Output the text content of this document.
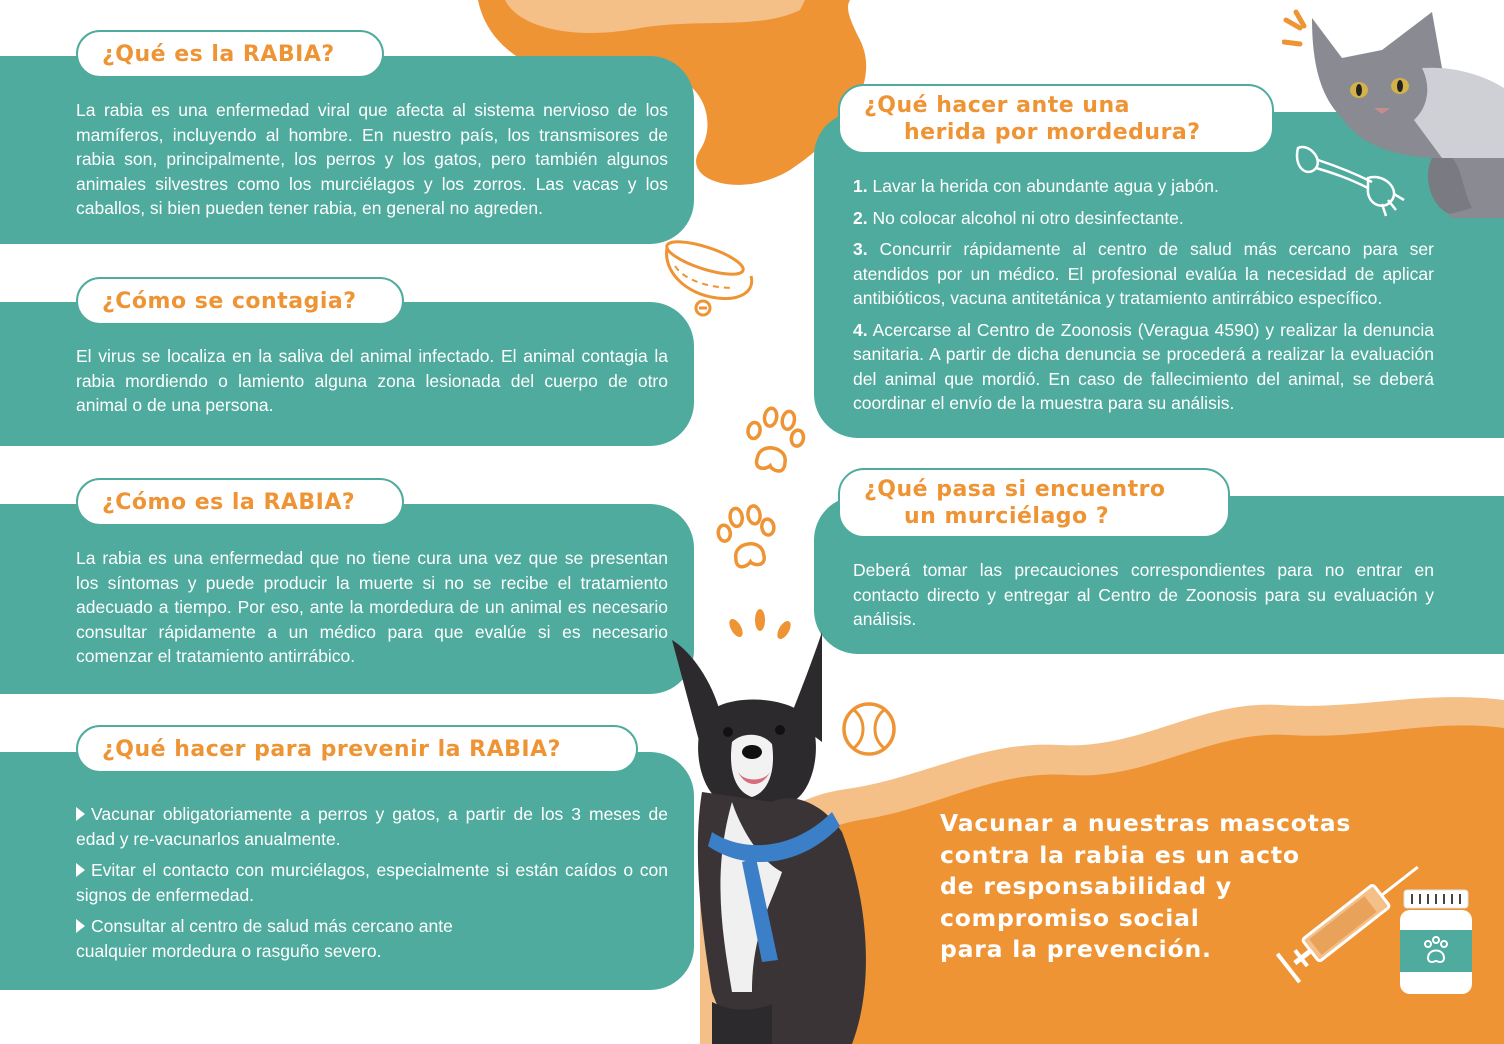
La rabia es una enfermedad viral que afecta al sistema nervioso de los mamíferos, incluyendo al hombre. En nuestro país, los transmisores de rabia son, principalmente, los perros y los gatos, pero también algunos animales silvestres como los murciélagos y los zorros. Las vacas y los caballos, si bien pueden tener rabia, en general no agreden.

¿Qué es la RABIA?

El virus se localiza en la saliva del animal infectado. El animal contagia la rabia mordiendo o lamiento alguna zona lesionada del cuerpo de otro animal o de una persona.

¿Cómo se contagia?

La rabia es una enfermedad que no tiene cura una vez que se presentan los síntomas y puede producir la muerte si no se recibe el tratamiento adecuado a tiempo. Por eso, ante la mordedura de un animal es necesario consultar rápidamente a un médico para que evalúe si es necesario comenzar el tratamiento antirrábico.

¿Cómo es la RABIA?
Vacunar obligatoriamente a perros y gatos, a partir de los 3 meses de edad y re-vacunarlos anualmente.
Evitar el contacto con murciélagos, especialmente si están caídos o con signos de enfermedad.
Consultar al centro de salud más cercano ante cualquier mordedura o rasguño severo.
¿Qué hacer para prevenir la RABIA?
1. Lavar la herida con abundante agua y jabón.
2. No colocar alcohol ni otro desinfectante.
3. Concurrir rápidamente al centro de salud más cercano para ser atendidos por un médico. El profesional evalúa la necesidad de aplicar antibióticos, vacuna antitetánica y tratamiento antirrábico específico.
4. Acercarse al Centro de Zoonosis (Veragua 4590) y realizar la denuncia sanitaria. A partir de dicha denuncia se procederá a realizar la evaluación del animal que mordió. En caso de fallecimiento del animal, se deberá coordinar el envío de la muestra para su análisis.
¿Qué hacer ante una
herida por mordedura?

Deberá tomar las precauciones correspondientes para no entrar en contacto directo y entregar al Centro de Zoonosis para su evaluación y análisis.

¿Qué pasa si encuentro
un murciélago ?
Vacunar a nuestras mascotas
contra la rabia es un acto
de responsabilidad y
compromiso social
para la prevención.
